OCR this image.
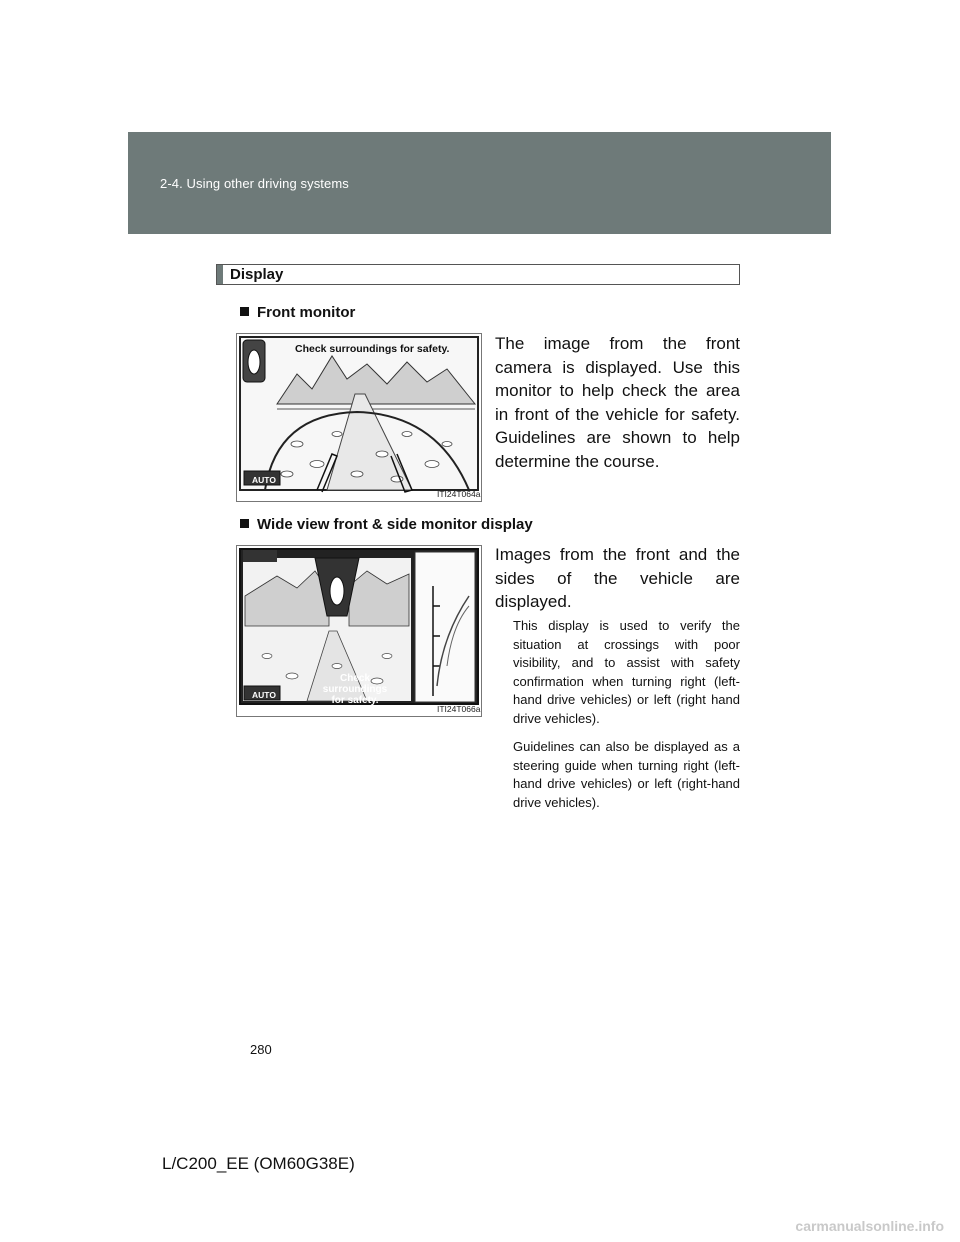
2-4. Using other driving systems
Display
Front monitor
Check surroundings for safety.
AUTO
ITI24T064a
The image from the front camera is displayed. Use this monitor to help check the area in front of the vehicle for safety. Guidelines are shown to help determine the course.
Wide view front & side monitor display
Check surroundings
for safety.
AUTO
ITI24T066a
Images from the front and the sides of the vehicle are displayed.
This display is used to verify the situation at crossings with poor visibility, and to assist with safety confirmation when turning right (left-hand drive vehicles) or left (right hand drive vehicles).
Guidelines can also be displayed as a steering guide when turning right (left-hand drive vehicles) or left (right-hand drive vehicles).
280
L/C200_EE (OM60G38E)
carmanualsonline.info
